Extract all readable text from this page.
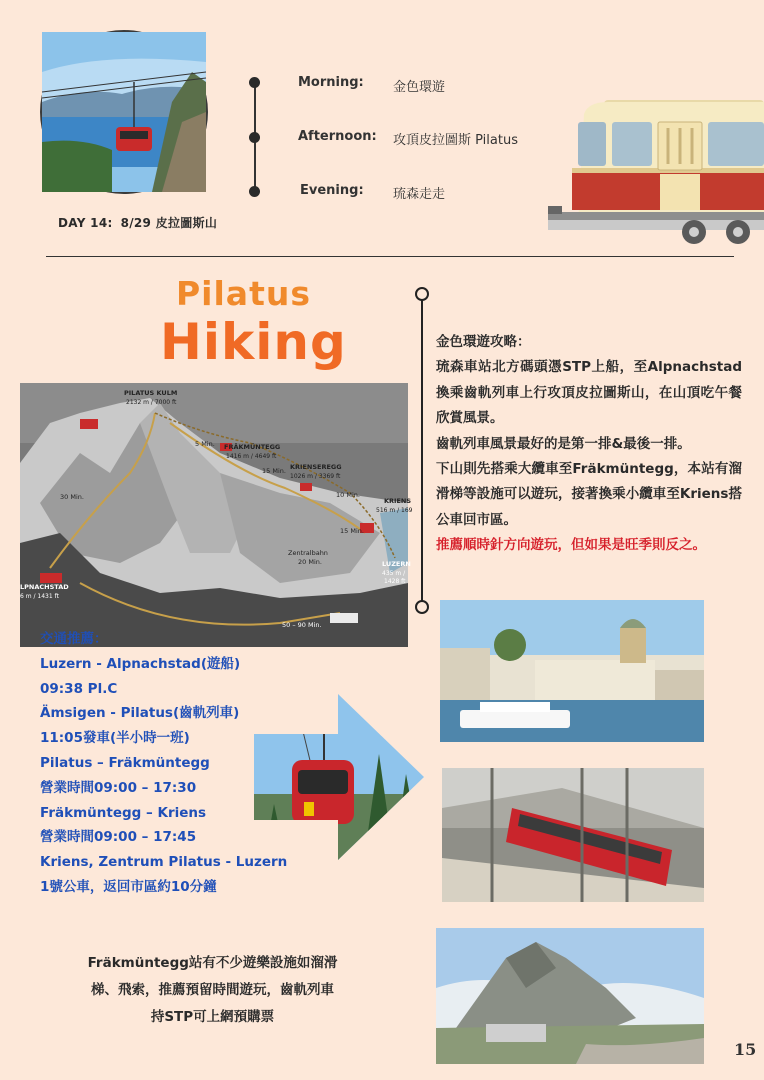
DAY 14: 8/29 皮拉圖斯山
Morning: 金色環遊
Afternoon: 攻頂皮拉圖斯 Pilatus
Evening: 琉森走走
Pilatus
Hiking	金色環遊攻略：

琉森車站北方碼頭憑STP上船，至Alpnachstad換乘齒軌列車上行攻頂皮拉圖斯山，在山頂吃午餐欣賞風景。

齒軌列車風景最好的是第一排&最後一排。

下山則先搭乘大纜車至Fräkmüntegg，本站有溜滑梯等設施可以遊玩，接著換乘小纜車至Kriens搭公車回市區。

推薦順時針方向遊玩，但如果是旺季則反之。

PILATUS KULM
2132 m / 7000 ft
FRÄKMÜNTEGG
1416 m / 4649 ft
KRIENSEREGG
1026 m / 3369 ft
KRIENS
516 m / 169
LUZERN
435 m /
1428 ft
LPNACHSTAD
6 m / 1431 ft
Zentralbahn
20 Min.
5 Min.
15 Min.
10 Min.
30 Min.
15 Min.
50 – 90 Min.
交通推薦：
Luzern - Alpnachstad(遊船)
09:38 Pl.C
Ämsigen - Pilatus(齒軌列車)
11:05發車(半小時一班)
Pilatus – Fräkmüntegg
營業時間09:00 – 17:30
Fräkmüntegg – Kriens
營業時間09:00 – 17:45
Kriens, Zentrum Pilatus - Luzern
1號公車，返回市區約10分鐘
Fräkmüntegg站有不少遊樂設施如溜滑
梯、飛索，推薦預留時間遊玩，齒軌列車
持STP可上網預購票
15
